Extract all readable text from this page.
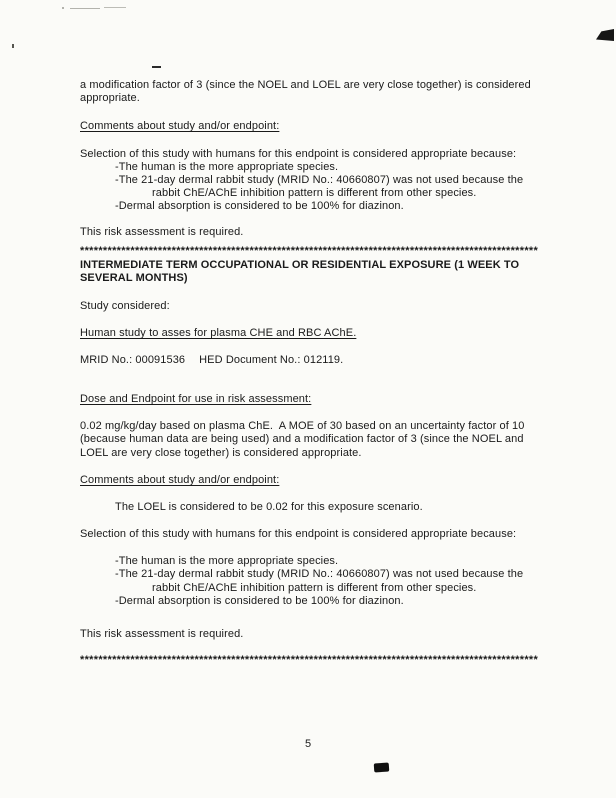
a modification factor of 3 (since the NOEL and LOEL are very close together) is considered
appropriate.
Comments about study and/or endpoint:
Selection of this study with humans for this endpoint is considered appropriate because:
-The human is the more appropriate species.
-The 21-day dermal rabbit study (MRID No.: 40660807) was not used because the
rabbit ChE/AChE inhibition pattern is different from other species.
-Dermal absorption is considered to be 100% for diazinon.
This risk assessment is required.
****************************************************************************************************
INTERMEDIATE TERM OCCUPATIONAL OR RESIDENTIAL EXPOSURE (1 WEEK TO
SEVERAL MONTHS)
Study considered:
Human study to asses for plasma CHE and RBC AChE.
MRID No.: 00091536 HED Document No.: 012119.
Dose and Endpoint for use in risk assessment:
0.02 mg/kg/day based on plasma ChE.  A MOE of 30 based on an uncertainty factor of 10
(because human data are being used) and a modification factor of 3 (since the NOEL and
LOEL are very close together) is considered appropriate.
Comments about study and/or endpoint:
The LOEL is considered to be 0.02 for this exposure scenario.
Selection of this study with humans for this endpoint is considered appropriate because:
-The human is the more appropriate species.
-The 21-day dermal rabbit study (MRID No.: 40660807) was not used because the
rabbit ChE/AChE inhibition pattern is different from other species.
-Dermal absorption is considered to be 100% for diazinon.
This risk assessment is required.
****************************************************************************************************
5
